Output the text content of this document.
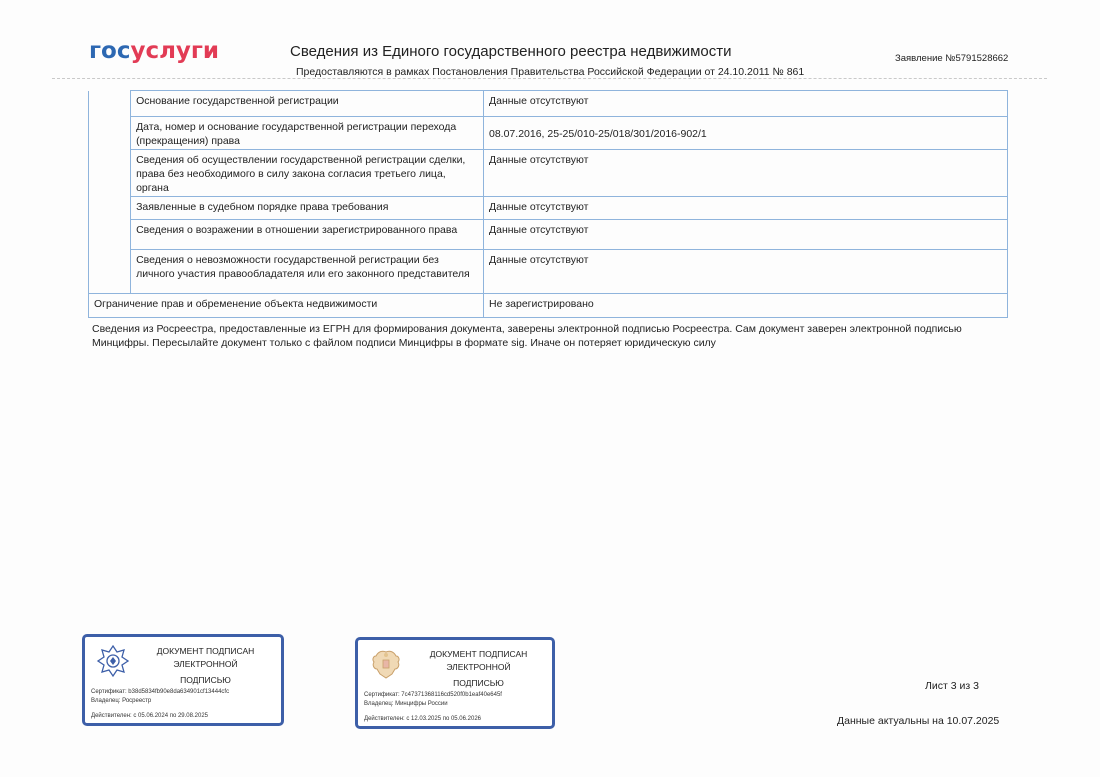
госуслуги	Сведения из Единого государственного реестра недвижимости
Предоставляются в рамках Постановления Правительства Российской Федерации от 24.10.2011 № 861
Заявление №5791528662
	Основание государственной регистрации	Данные отсутствуют
	Дата, номер и основание государственной регистрации перехода (прекращения) права	08.07.2016, 25-25/010-25/018/301/2016-902/1

	Сведения об осуществлении государственной регистрации сделки, права без необходимого в силу закона согласия третьего лица, органа	Данные отсутствуют
	Заявленные в судебном порядке права требования	Данные отсутствуют
	Сведения о возражении в отношении зарегистрированного права	Данные отсутствуют
	Сведения о невозможности государственной регистрации без личного участия правообладателя или его законного представителя	Данные отсутствуют
Ограничение прав и обременение объекта недвижимости		Не зарегистрировано
Сведения из Росреестра, предоставленные из ЕГРН для формирования документа, заверены электронной подписью Росреестра. Сам документ заверен электронной подписью Минцифры. Пересылайте документ только с файлом подписи Минцифры в формате sig. Иначе он потеряет юридическую силу
ДОКУМЕНТ ПОДПИСАН ЭЛЕКТРОННОЙ
ПОДПИСЬЮ
Сертификат: b38d5834fb90e8da634901cf13444cfc
Владелец: Росреестр
Действителен: с 05.06.2024 по 29.08.2025
ДОКУМЕНТ ПОДПИСАН ЭЛЕКТРОННОЙ
ПОДПИСЬЮ
Сертификат: 7c47371368116cd520f0b1eaf40e645f
Владелец: Минцифры России
Действителен: с 12.03.2025 по 05.06.2026
Лист 3 из 3
Данные актуальны на 10.07.2025
